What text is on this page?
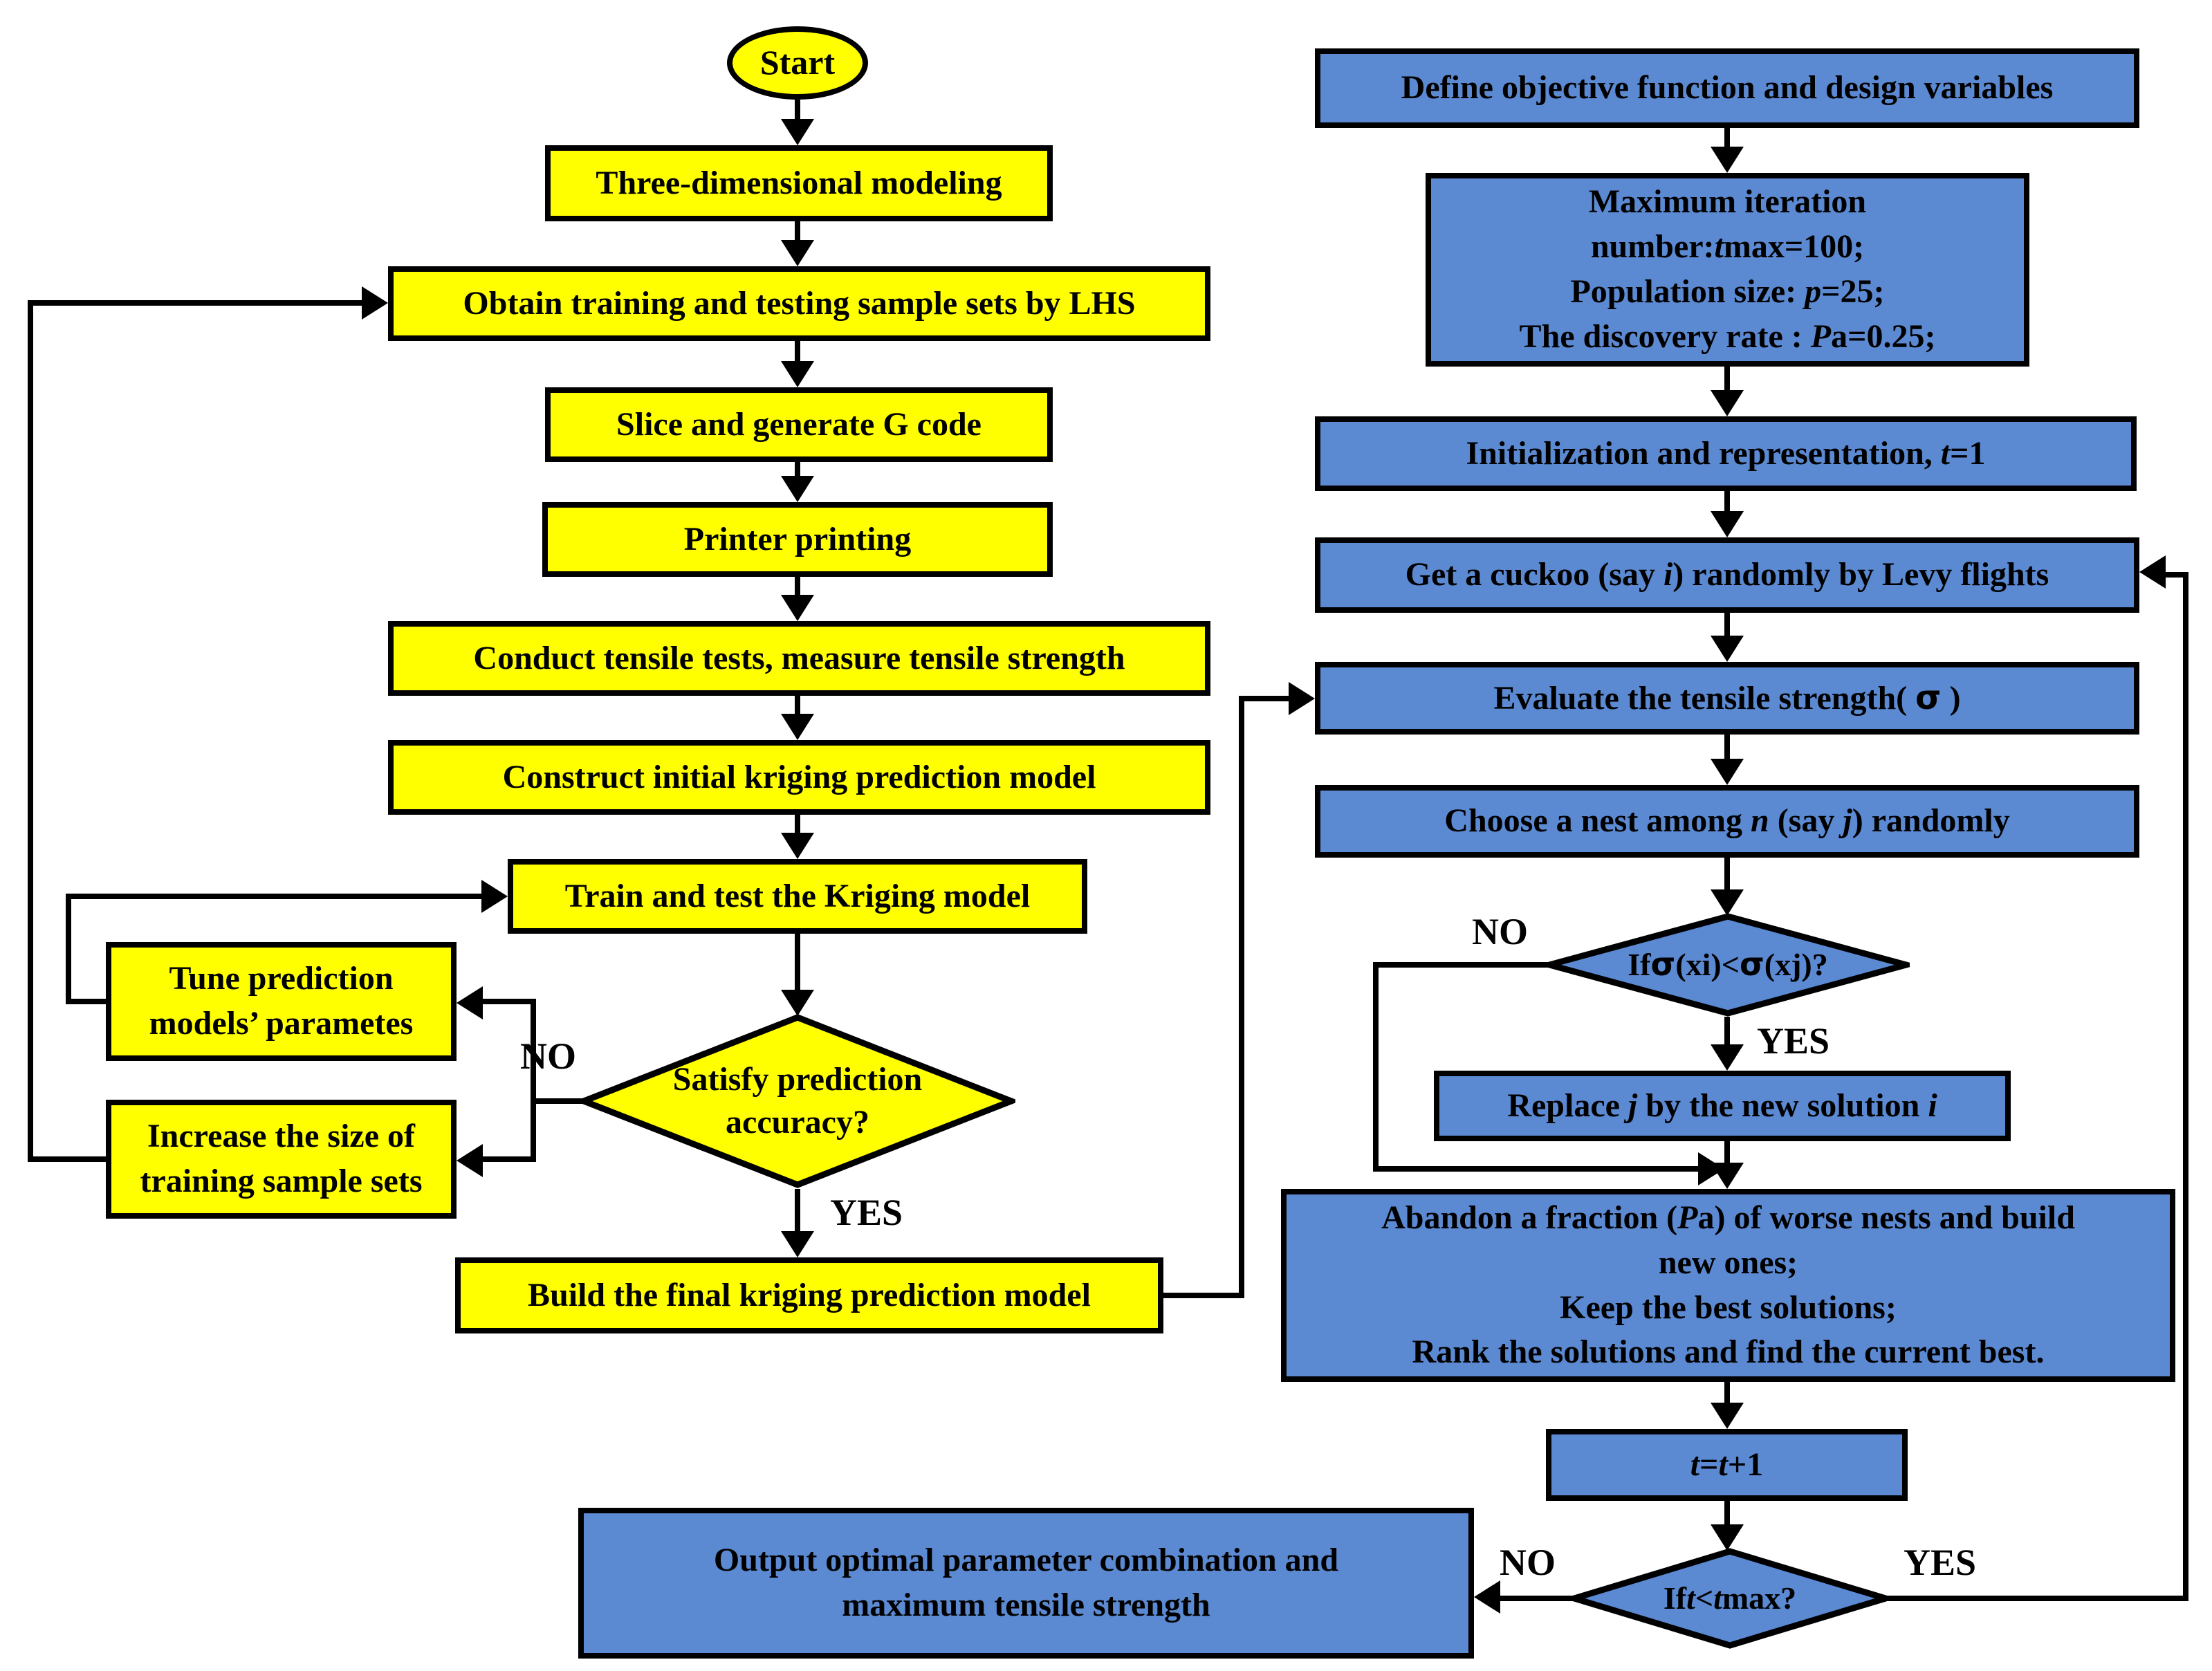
Start
Three-dimensional modeling
Obtain training and testing sample sets by LHS
Slice and generate G code
Printer printing
Conduct tensile tests, measure tensile strength
Construct initial kriging prediction model
Train and test the Kriging model
Tune prediction
models’ parametes
Increase the size of
training sample sets
Satisfy prediction
accuracy?
Build the final kriging prediction model
Define objective function and design variables
Maximum iteration
number:tmax=100;
Population size: p=25;
The discovery rate : Pa=0.25;
Initialization and representation, t=1
Get a cuckoo (say i) randomly by Levy flights
Evaluate the tensile strength( σ )
Choose a nest among n (say j) randomly
If σ (xi)< σ (xj)?
Replace j by the new solution i
Abandon a fraction (Pa) of worse nests and build
new ones;
Keep the best solutions;
Rank the solutions and find the current best.
t=t+1
If t < t max?
Output optimal parameter combination and
maximum tensile strength
NO
YES
YES
NO
NO	YES
